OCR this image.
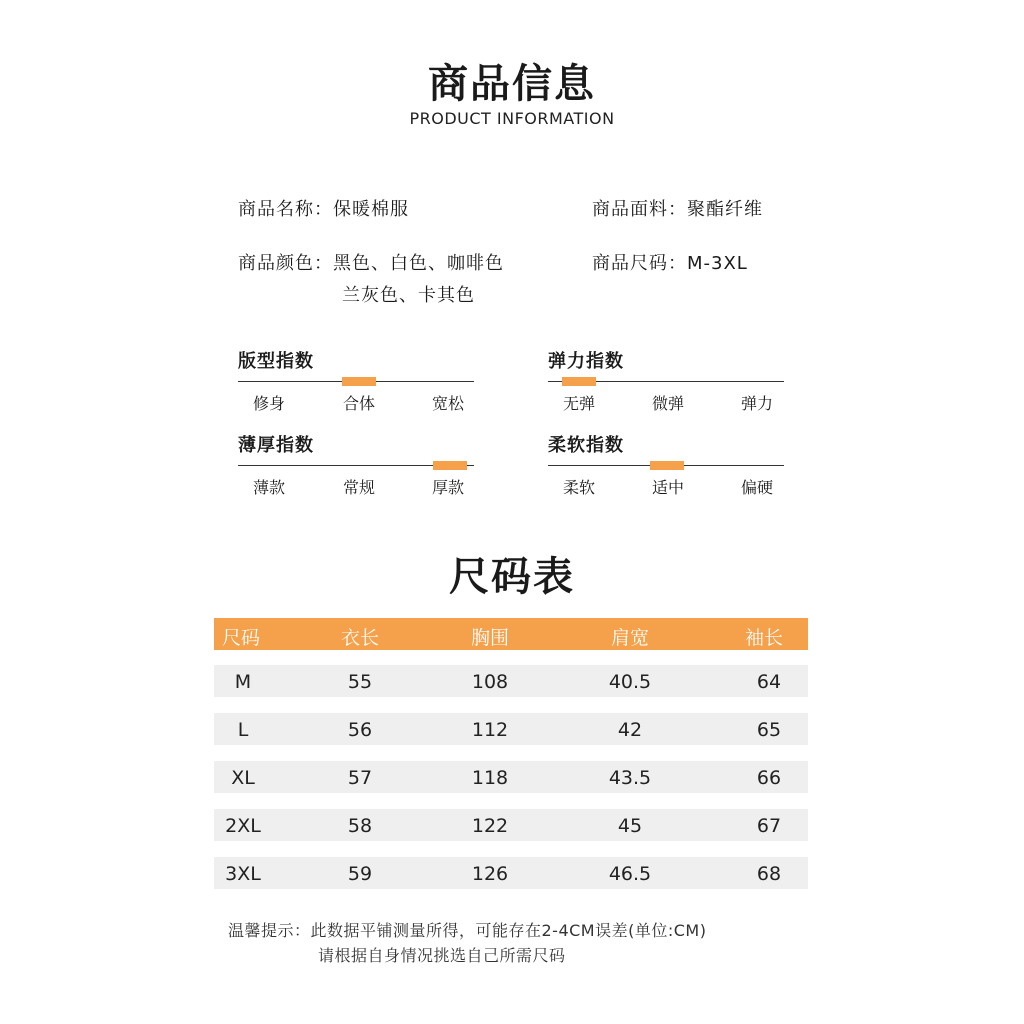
商品信息
PRODUCT INFORMATION
商品名称：保暖棉服	商品面料：聚酯纤维
商品颜色：黑色、白色、咖啡色
兰灰色、卡其色
商品尺码：M-3XL
版型指数
修身	合体	宽松
弹力指数
无弹	微弹	弹力
薄厚指数
薄款	常规	厚款
柔软指数
柔软	适中	偏硬
尺码表
尺码	衣长	胸围	肩宽	袖长
M	55	108	40.5	64
L	56	112	42	65
XL	57	118	43.5	66
2XL	58	122	45	67
3XL	59	126	46.5	68
温馨提示：此数据平铺测量所得，可能存在2-4CM误差(单位:CM)
请根据自身情况挑选自己所需尺码
